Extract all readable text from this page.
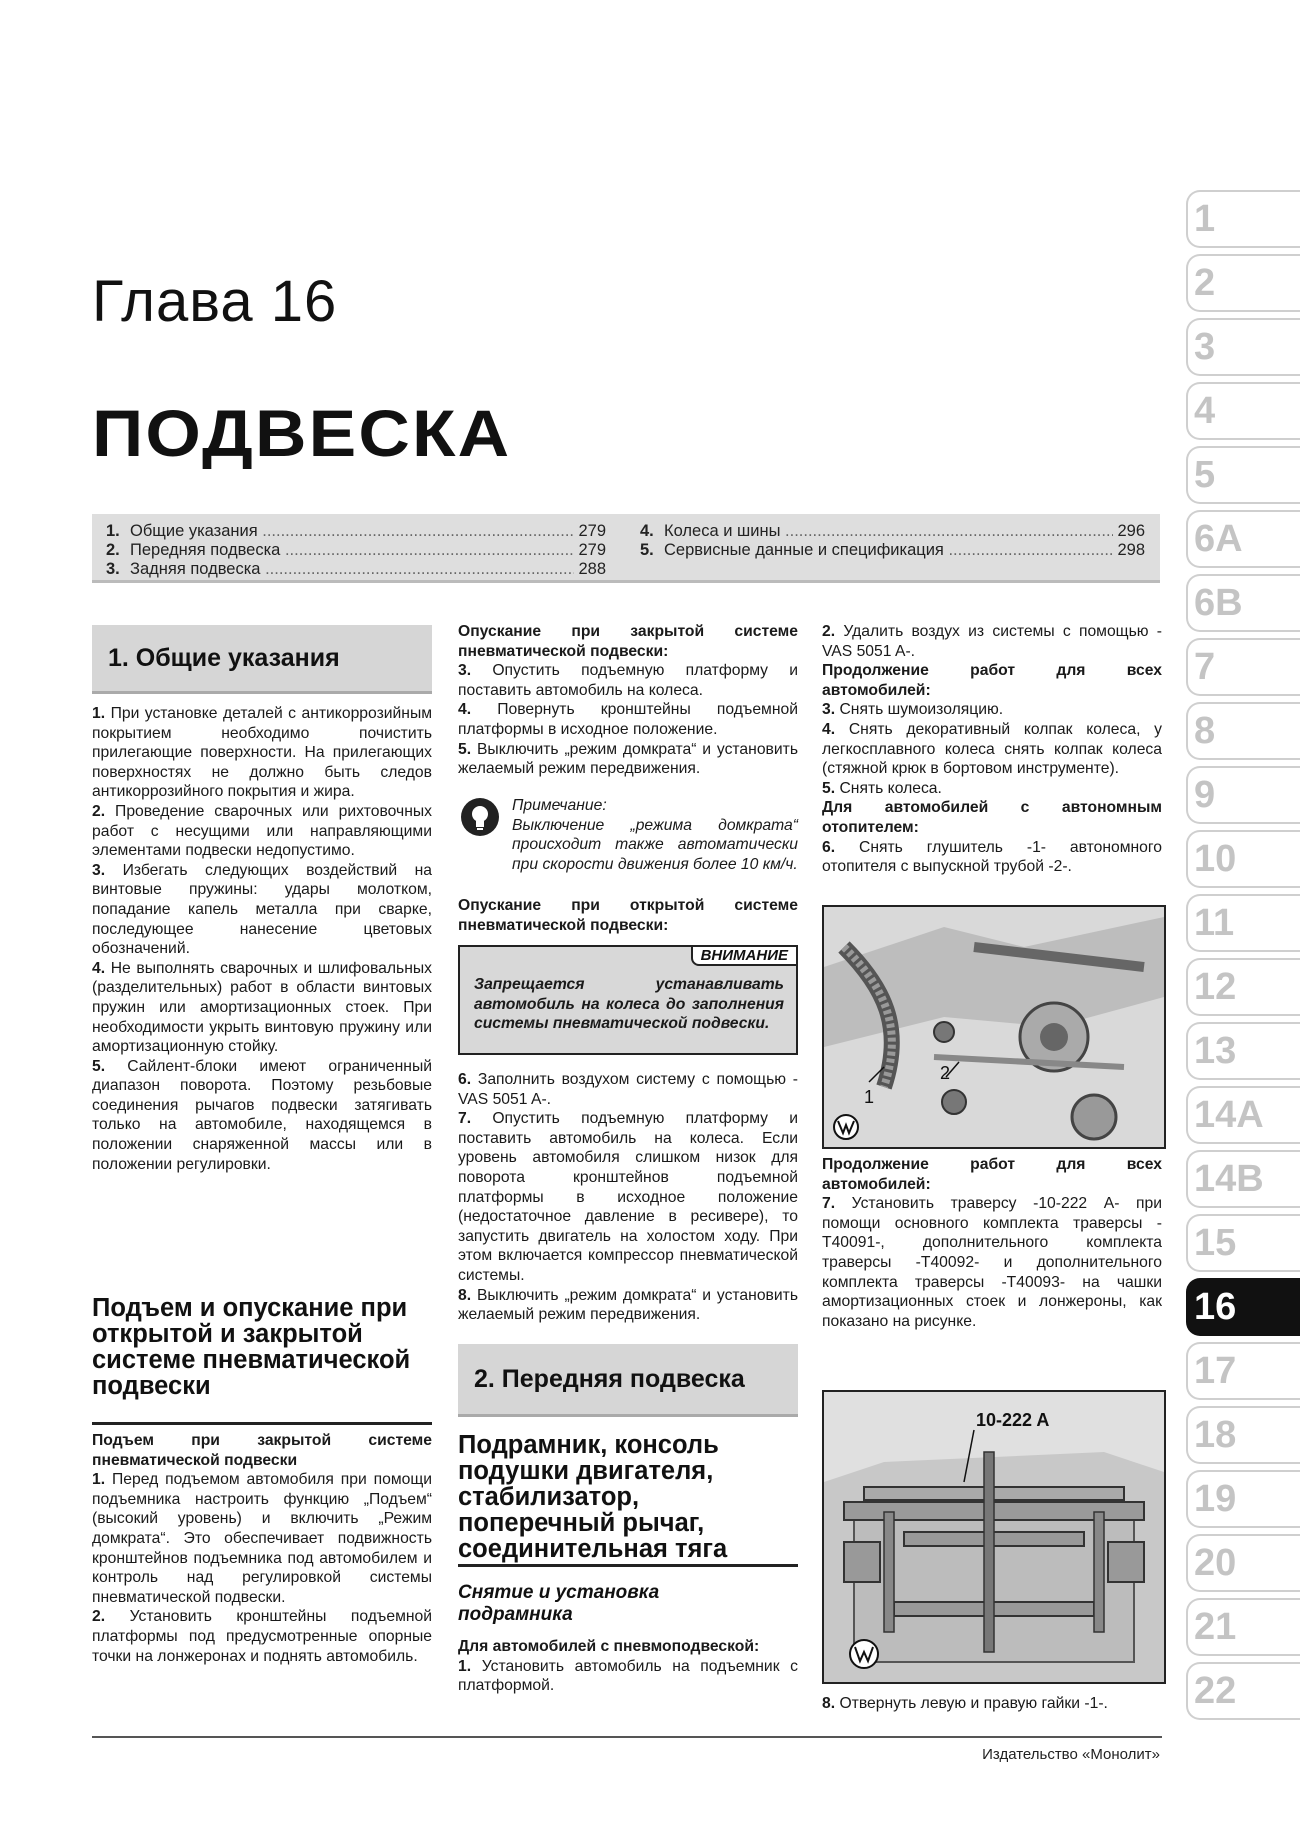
Глава 16
ПОДВЕСКА
1. Общие указания .....	279
2. Передняя подвеска .....	279
3. Задняя подвеска .....	288
4. Колеса и шины .....	296
5. Сервисные данные и спецификация .....	298
1. Общие указания

1. При установке деталей с антикоррозийным покрытием необходимо почистить прилегающие поверхности. На прилегающих поверхностях не должно быть следов антикоррозийного покрытия и жира.

2. Проведение сварочных или рихтовочных работ с несущими или направляющими элементами подвески недопустимо.

3. Избегать следующих воздействий на винтовые пружины: удары молотком, попадание капель металла при сварке, последующее нанесение цветовых обозначений.

4. Не выполнять сварочных и шлифовальных (разделительных) работ в области винтовых пружин или амортизационных стоек. При необходимости укрыть винтовую пружину или амортизационную стойку.

5. Сайлент-блоки имеют ограниченный диапазон поворота. Поэтому резьбовые соединения рычагов подвески затягивать только на автомобиле, находящемся в положении снаряженной массы или в положении регулировки.

Подъем и опускание при открытой и закрытой системе пневматической подвески

Подъем при закрытой системе пневматической подвески

1. Перед подъемом автомобиля при помощи подъемника настроить функцию „Подъем“ (высокий уровень) и включить „Режим домкрата“. Это обеспечивает подвижность кронштейнов подъемника под автомобилем и контроль над регулировкой системы пневматической подвески.

2. Установить кронштейны подъемной платформы под предусмотренные опорные точки на лонжеронах и поднять автомобиль.

Опускание при закрытой системе пневматической подвески:

3. Опустить подъемную платформу и поставить автомобиль на колеса.

4. Повернуть кронштейны подъемной платформы в исходное положение.

5. Выключить „режим домкрата“ и установить желаемый режим передвижения.

Примечание:

Выключение „режима домкрата“ происходит также автоматически при скорости движения более 10 км/ч.

Опускание при открытой системе пневматической подвески:

ВНИМАНИЕ
Запрещается устанавливать автомобиль на колеса до заполнения системы пневматической подвески.

6. Заполнить воздухом систему с помощью -VAS 5051 A-.

7. Опустить подъемную платформу и поставить автомобиль на колеса. Если уровень автомобиля слишком низок для поворота кронштейнов подъемной платформы в исходное положение (недостаточное давление в ресивере), то запустить двигатель на холостом ходу. При этом включается компрессор пневматической системы.

8. Выключить „режим домкрата“ и установить желаемый режим передвижения.

2. Передняя подвеска
Подрамник, консоль подушки двигателя, стабилизатор, поперечный рычаг, соединительная тяга
Снятие и установка подрамника

Для автомобилей с пневмоподвеской:

1. Установить автомобиль на подъемник с платформой.

2. Удалить воздух из системы с помощью -VAS 5051 A-.

Продолжение работ для всех автомобилей:

3. Снять шумоизоляцию.

4. Снять декоративный колпак колеса, у легкосплавного колеса снять колпак колеса (стяжной крюк в бортовом инструменте).

5. Снять колеса.

Для автомобилей с автономным отопителем:

6. Снять глушитель -1- автономного отопителя с выпускной трубой -2-.

1
2

Продолжение работ для всех автомобилей:

7. Установить траверсу -10-222 A- при помощи основного комплекта траверсы -T40091-, дополнительного комплекта траверсы -T40092- и дополнительного комплекта траверсы -T40093- на чашки амортизационных стоек и лонжероны, как показано на рисунке.

10-222 A

8. Отвернуть левую и правую гайки -1-.

Издательство «Монолит»
1
2
3
4
5
6A
6B
7
8
9
10
11
12
13
14A
14B
15
16
17
18
19
20
21
22
